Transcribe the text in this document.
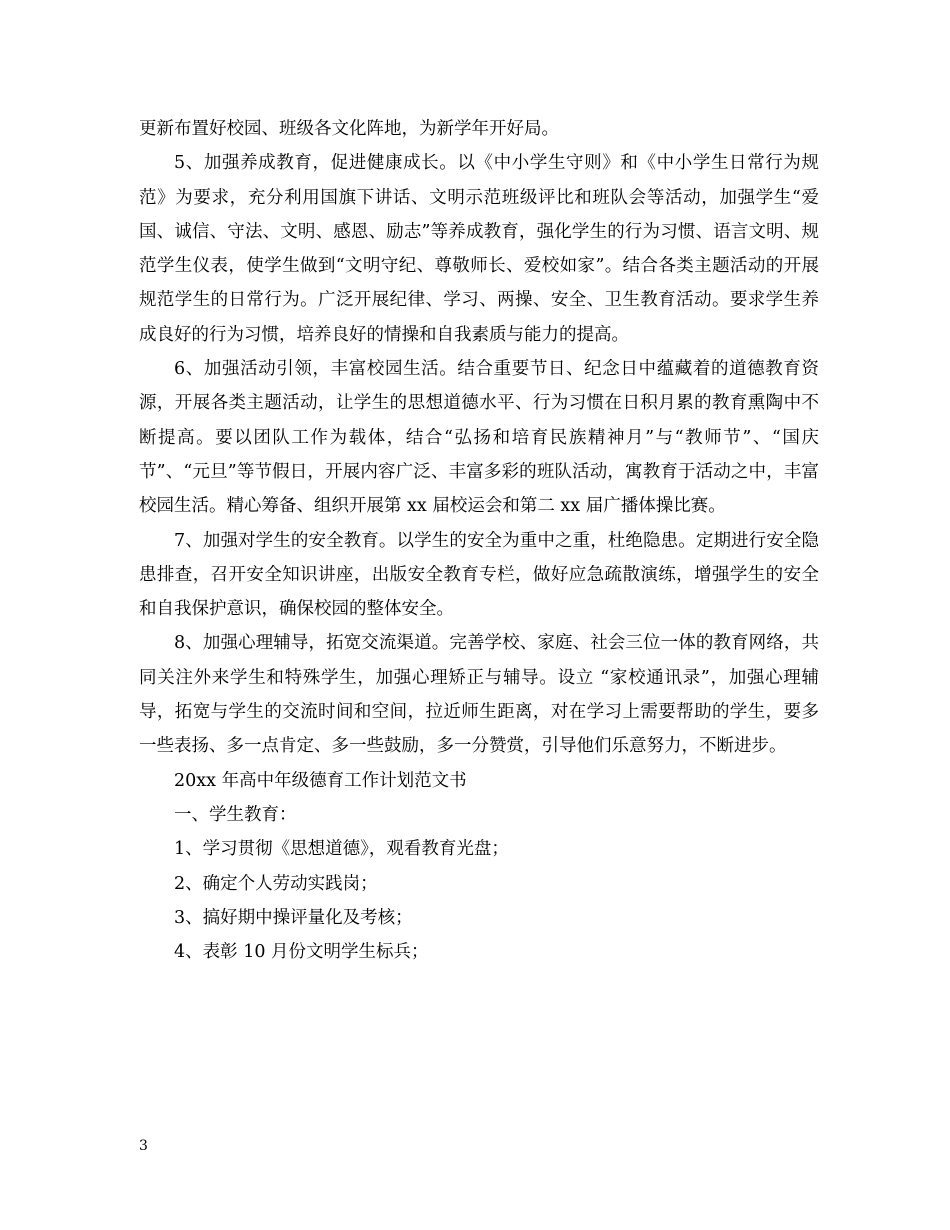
更新布置好校园、班级各文化阵地，为新学年开好局。

5、加强养成教育，促进健康成长。以《中小学生守则》和《中小学生日常行为规范》为要求，充分利用国旗下讲话、文明示范班级评比和班队会等活动，加强学生“爱国、诚信、守法、文明、感恩、励志”等养成教育，强化学生的行为习惯、语言文明、规范学生仪表，使学生做到“文明守纪、尊敬师长、爱校如家”。结合各类主题活动的开展规范学生的日常行为。广泛开展纪律、学习、两操、安全、卫生教育活动。要求学生养成良好的行为习惯，培养良好的情操和自我素质与能力的提高。

6、加强活动引领，丰富校园生活。结合重要节日、纪念日中蕴藏着的道德教育资源，开展各类主题活动，让学生的思想道德水平、行为习惯在日积月累的教育熏陶中不断提高。要以团队工作为载体，结合“弘扬和培育民族精神月”与“教师节”、“国庆节”、“元旦”等节假日，开展内容广泛、丰富多彩的班队活动，寓教育于活动之中，丰富校园生活。精心筹备、组织开展第 xx 届校运会和第二 xx 届广播体操比赛。

7、加强对学生的安全教育。以学生的安全为重中之重，杜绝隐患。定期进行安全隐患排查，召开安全知识讲座，出版安全教育专栏，做好应急疏散演练，增强学生的安全和自我保护意识，确保校园的整体安全。

8、加强心理辅导，拓宽交流渠道。完善学校、家庭、社会三位一体的教育网络，共同关注外来学生和特殊学生，加强心理矫正与辅导。设立 “家校通讯录”，加强心理辅导，拓宽与学生的交流时间和空间，拉近师生距离，对在学习上需要帮助的学生，要多一些表扬、多一点肯定、多一些鼓励，多一分赞赏，引导他们乐意努力，不断进步。

20xx 年高中年级德育工作计划范文书

一、学生教育：

1、学习贯彻《思想道德》，观看教育光盘；

2、确定个人劳动实践岗；

3、搞好期中操评量化及考核；

4、表彰 10 月份文明学生标兵；

3
